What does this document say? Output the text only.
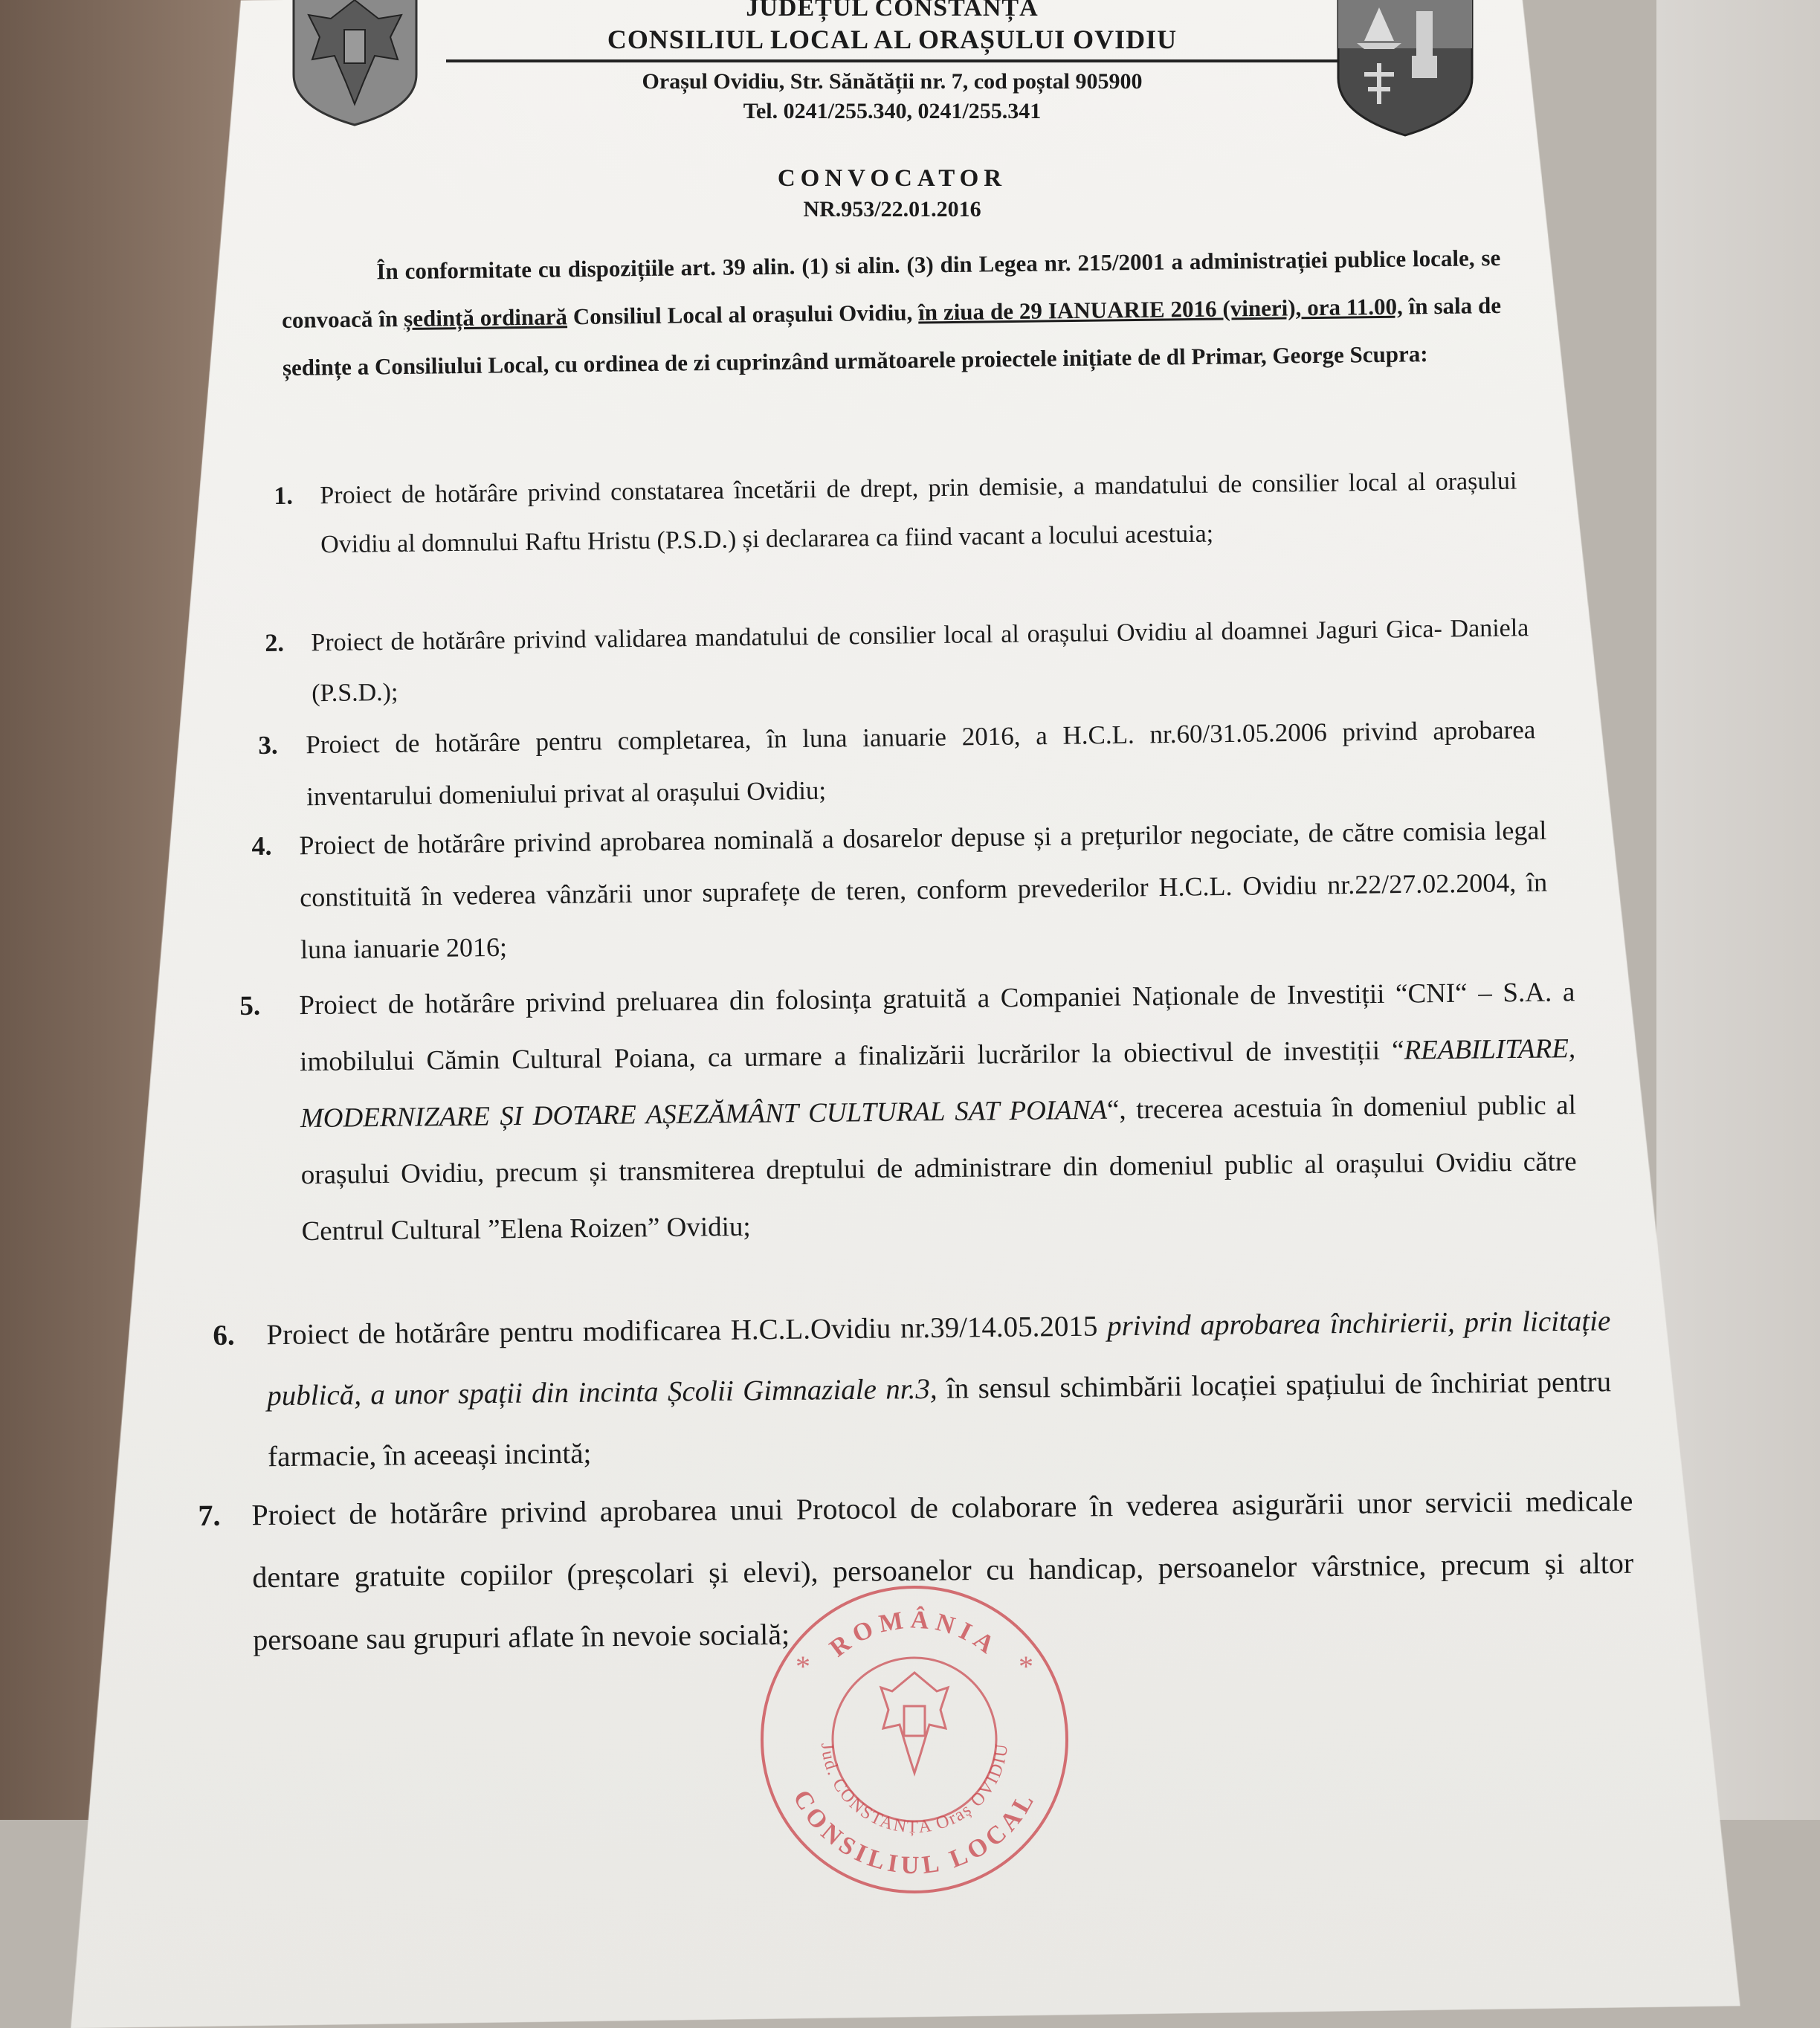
JUDEȚUL CONSTANȚA
CONSILIUL LOCAL AL ORAȘULUI OVIDIU
Orașul Ovidiu, Str. Sănătății nr. 7, cod poștal 905900
Tel. 0241/255.340, 0241/255.341
CONVOCATOR
NR.953/22.01.2016
În conformitate cu dispozițiile art. 39 alin. (1) si alin. (3) din Legea nr. 215/2001 a administrației publice locale, se convoacă în ședință ordinară Consiliul Local al orașului Ovidiu, în ziua de 29 IANUARIE 2016 (vineri), ora 11.00, în sala de ședințe a Consiliului Local, cu ordinea de zi cuprinzând următoarele proiectele inițiate de dl Primar, George Scupra:
1.	Proiect de hotărâre privind constatarea încetării de drept, prin demisie, a mandatului de consilier local al orașului Ovidiu al domnului Raftu Hristu (P.S.D.) și declararea ca fiind vacant a locului acestuia;
2.	Proiect de hotărâre privind validarea mandatului de consilier local al orașului Ovidiu al doamnei Jaguri Gica- Daniela (P.S.D.);
3.	Proiect de hotărâre pentru completarea, în luna ianuarie 2016, a H.C.L. nr.60/31.05.2006 privind aprobarea inventarului domeniului privat al orașului Ovidiu;
4.	Proiect de hotărâre privind aprobarea nominală a dosarelor depuse și a prețurilor negociate, de către comisia legal constituită în vederea vânzării unor suprafețe de teren, conform prevederilor H.C.L. Ovidiu nr.22/27.02.2004, în luna ianuarie 2016;
5.	Proiect de hotărâre privind preluarea din folosința gratuită a Companiei Naționale de Investiții “CNI“ – S.A. a imobilului Cămin Cultural Poiana, ca urmare a finalizării lucrărilor la obiectivul de investiții “REABILITARE, MODERNIZARE ȘI DOTARE AȘEZĂMÂNT CULTURAL SAT POIANA“, trecerea acestuia în domeniul public al orașului Ovidiu, precum și transmiterea dreptului de administrare din domeniul public al orașului Ovidiu către Centrul Cultural ”Elena Roizen” Ovidiu;
6.	Proiect de hotărâre pentru modificarea H.C.L.Ovidiu nr.39/14.05.2015 privind aprobarea închirierii, prin licitație publică, a unor spații din incinta Școlii Gimnaziale nr.3, în sensul schimbării locației spațiului de închiriat pentru farmacie, în aceeași incintă;
7.	Proiect de hotărâre privind aprobarea unui Protocol de colaborare în vederea asigurării unor servicii medicale dentare gratuite copiilor (preșcolari și elevi), persoanelor cu handicap, persoanelor vârstnice, precum și altor persoane sau grupuri aflate în nevoie socială;	ROMÂNIA
Jud. CONSTANȚA Oraș OVIDIU
CONSILIUL LOCAL
*	*
